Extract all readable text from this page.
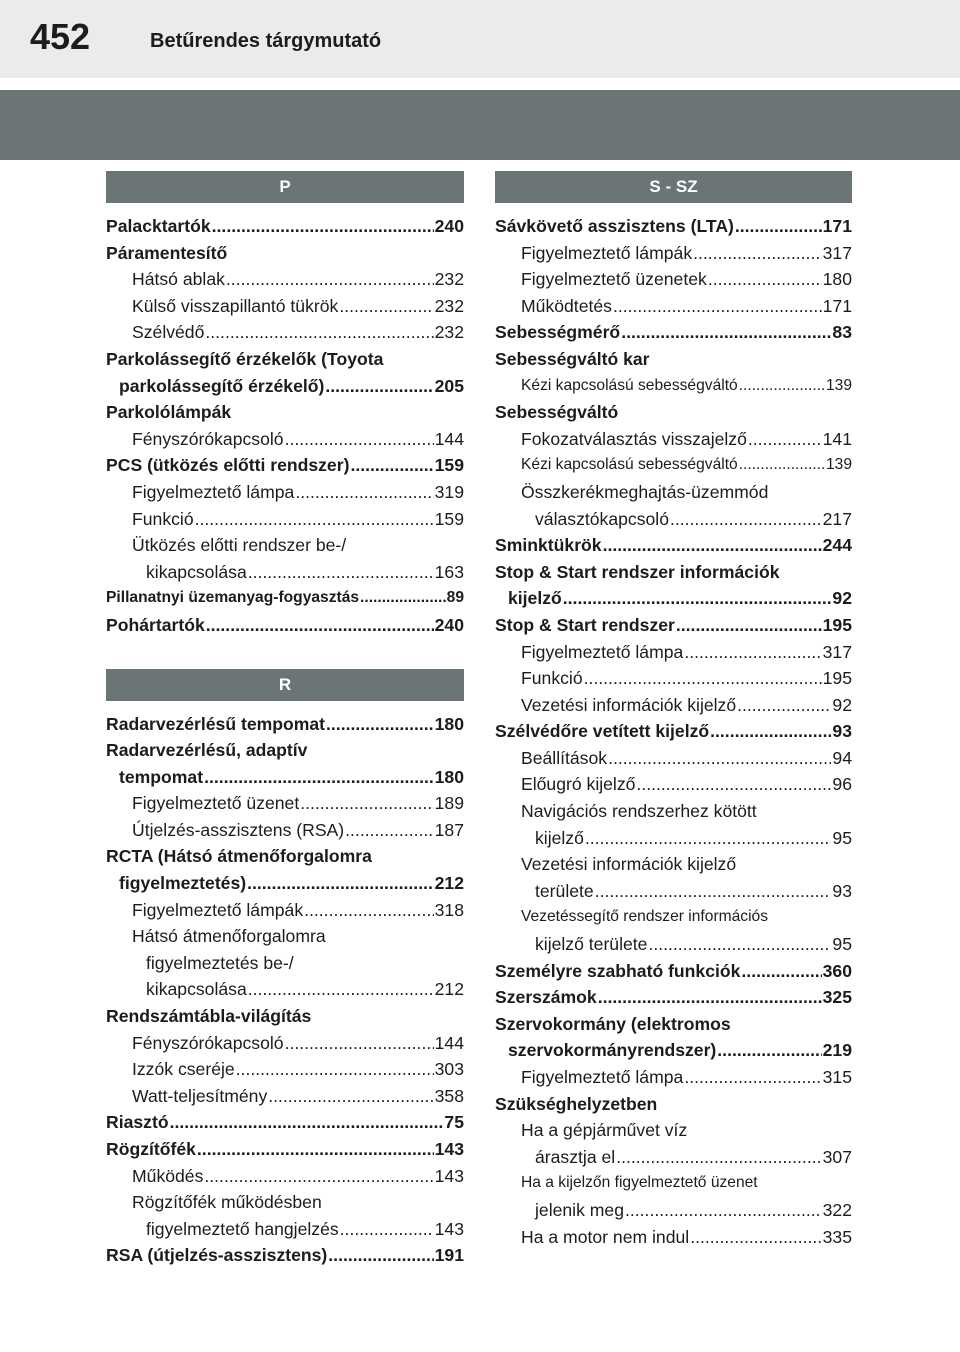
452	Betűrendes tárgymutató
P
Palacktartók .....	240
Páramentesítő
Hátsó ablak .....	232
Külső visszapillantó tükrök .....	232
Szélvédő .....	232
Parkolássegítő érzékelők (Toyota
parkolássegítő érzékelő) .....	205
Parkolólámpák
Fényszórókapcsoló .....	144
PCS (ütközés előtti rendszer) .....	159
Figyelmeztető lámpa .....	319
Funkció .....	159
Ütközés előtti rendszer be-/
kikapcsolása .....	163
Pillanatnyi üzemanyag-fogyasztás .....	89
Pohártartók .....	240
R
Radarvezérlésű tempomat .....	180
Radarvezérlésű, adaptív
tempomat .....	180
Figyelmeztető üzenet .....	189
Útjelzés-asszisztens (RSA) .....	187
RCTA (Hátsó átmenőforgalomra
figyelmeztetés) .....	212
Figyelmeztető lámpák .....	318
Hátsó átmenőforgalomra
figyelmeztetés be-/
kikapcsolása .....	212
Rendszámtábla-világítás
Fényszórókapcsoló .....	144
Izzók cseréje .....	303
Watt-teljesítmény .....	358
Riasztó .....	75
Rögzítőfék .....	143
Működés .....	143
Rögzítőfék működésben
figyelmeztető hangjelzés .....	143
RSA (útjelzés-asszisztens) .....	191
S - SZ
Sávkövető asszisztens (LTA) .....	171
Figyelmeztető lámpák .....	317
Figyelmeztető üzenetek .....	180
Működtetés .....	171
Sebességmérő .....	83
Sebességváltó kar
Kézi kapcsolású sebességváltó .....	139
Sebességváltó
Fokozatválasztás visszajelző .....	141
Kézi kapcsolású sebességváltó .....	139
Összkerékmeghajtás-üzemmód
választókapcsoló .....	217
Sminktükrök .....	244
Stop & Start rendszer információk
kijelző .....	92
Stop & Start rendszer .....	195
Figyelmeztető lámpa .....	317
Funkció .....	195
Vezetési információk kijelző .....	92
Szélvédőre vetített kijelző .....	93
Beállítások .....	94
Előugró kijelző .....	96
Navigációs rendszerhez kötött
kijelző .....	95
Vezetési információk kijelző
területe .....	93
Vezetéssegítő rendszer információs
kijelző területe .....	95
Személyre szabható funkciók .....	360
Szerszámok .....	325
Szervokormány (elektromos
szervokormányrendszer) .....	219
Figyelmeztető lámpa .....	315
Szükséghelyzetben
Ha a gépjárművet víz
árasztja el .....	307
Ha a kijelzőn figyelmeztető üzenet
jelenik meg .....	322
Ha a motor nem indul .....	335
